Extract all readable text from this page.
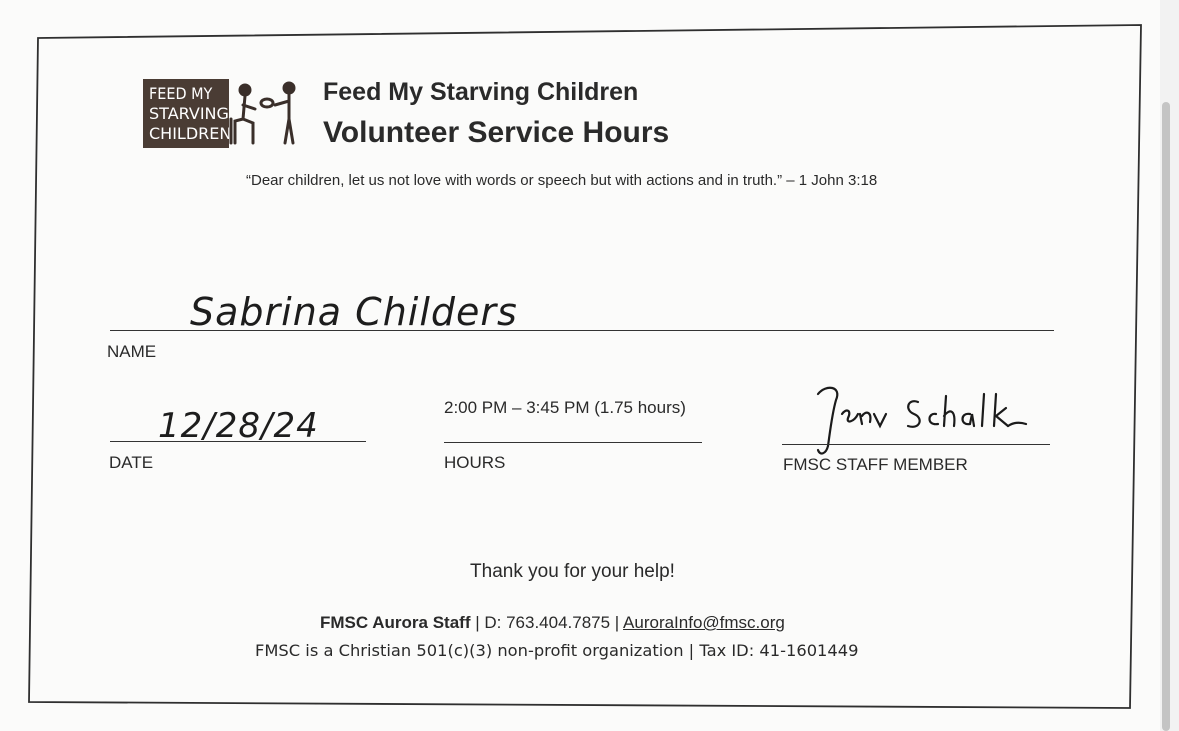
FEED MY
STARVING
CHILDREN
Feed My Starving Children
Volunteer Service Hours
“Dear children, let us not love with words or speech but with actions and in truth.” – 1 John 3:18
Sabrina Childers
NAME
12/28/24
DATE
2:00 PM – 3:45 PM (1.75 hours)
HOURS
Jess Schalk
FMSC STAFF MEMBER
Thank you for your help!
FMSC Aurora Staff | D: 763.404.7875 | AuroraInfo@fmsc.org
FMSC is a Christian 501(c)(3) non-profit organization | Tax ID: 41-1601449
